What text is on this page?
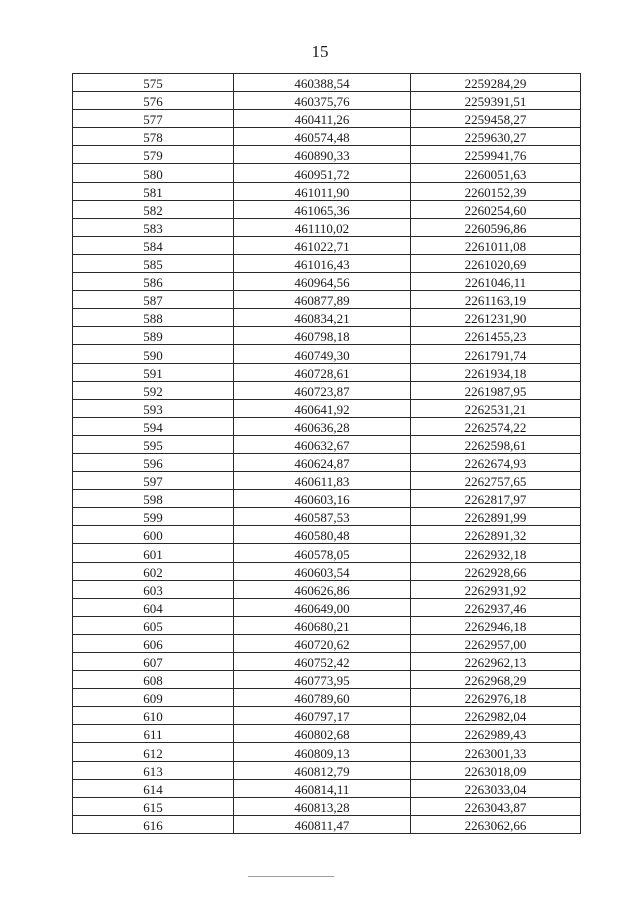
15
575	460388,54	2259284,29
576	460375,76	2259391,51
577	460411,26	2259458,27
578	460574,48	2259630,27
579	460890,33	2259941,76
580	460951,72	2260051,63
581	461011,90	2260152,39
582	461065,36	2260254,60
583	461110,02	2260596,86
584	461022,71	2261011,08
585	461016,43	2261020,69
586	460964,56	2261046,11
587	460877,89	2261163,19
588	460834,21	2261231,90
589	460798,18	2261455,23
590	460749,30	2261791,74
591	460728,61	2261934,18
592	460723,87	2261987,95
593	460641,92	2262531,21
594	460636,28	2262574,22
595	460632,67	2262598,61
596	460624,87	2262674,93
597	460611,83	2262757,65
598	460603,16	2262817,97
599	460587,53	2262891,99
600	460580,48	2262891,32
601	460578,05	2262932,18
602	460603,54	2262928,66
603	460626,86	2262931,92
604	460649,00	2262937,46
605	460680,21	2262946,18
606	460720,62	2262957,00
607	460752,42	2262962,13
608	460773,95	2262968,29
609	460789,60	2262976,18
610	460797,17	2262982,04
611	460802,68	2262989,43
612	460809,13	2263001,33
613	460812,79	2263018,09
614	460814,11	2263033,04
615	460813,28	2263043,87
616	460811,47	2263062,66
